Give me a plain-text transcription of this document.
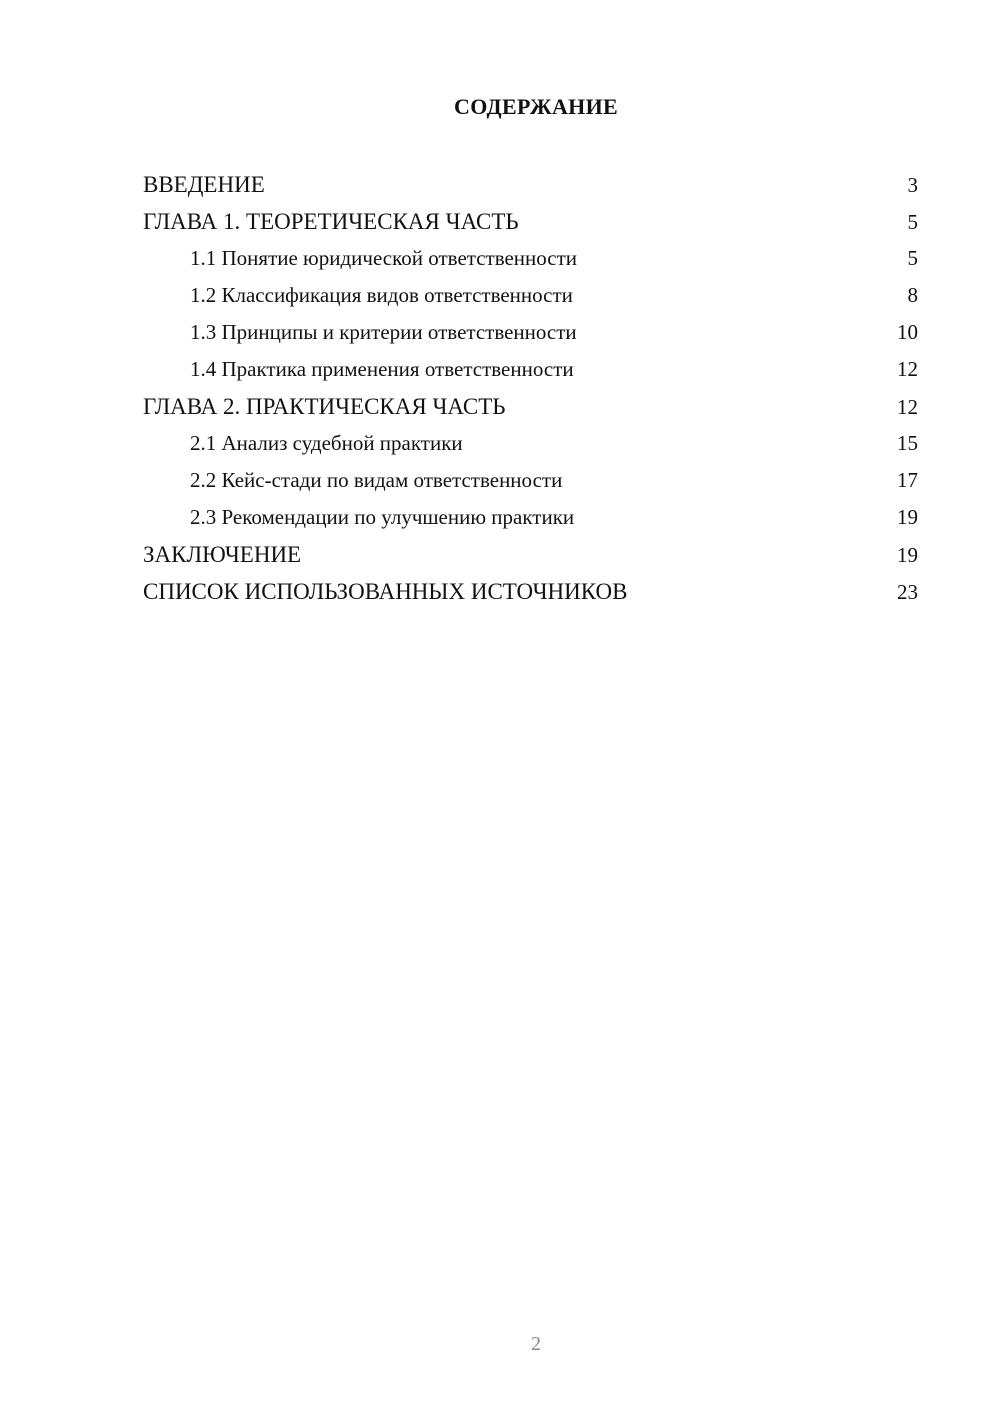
СОДЕРЖАНИЕ
ВВЕДЕНИЕ	3
ГЛАВА 1. ТЕОРЕТИЧЕСКАЯ ЧАСТЬ	5
1.1 Понятие юридической ответственности	5
1.2 Классификация видов ответственности	8
1.3 Принципы и критерии ответственности	10
1.4 Практика применения ответственности	12
ГЛАВА 2. ПРАКТИЧЕСКАЯ ЧАСТЬ	12
2.1 Анализ судебной практики	15
2.2 Кейс-стади по видам ответственности	17
2.3 Рекомендации по улучшению практики	19
ЗАКЛЮЧЕНИЕ	19
СПИСОК ИСПОЛЬЗОВАННЫХ ИСТОЧНИКОВ	23
2
